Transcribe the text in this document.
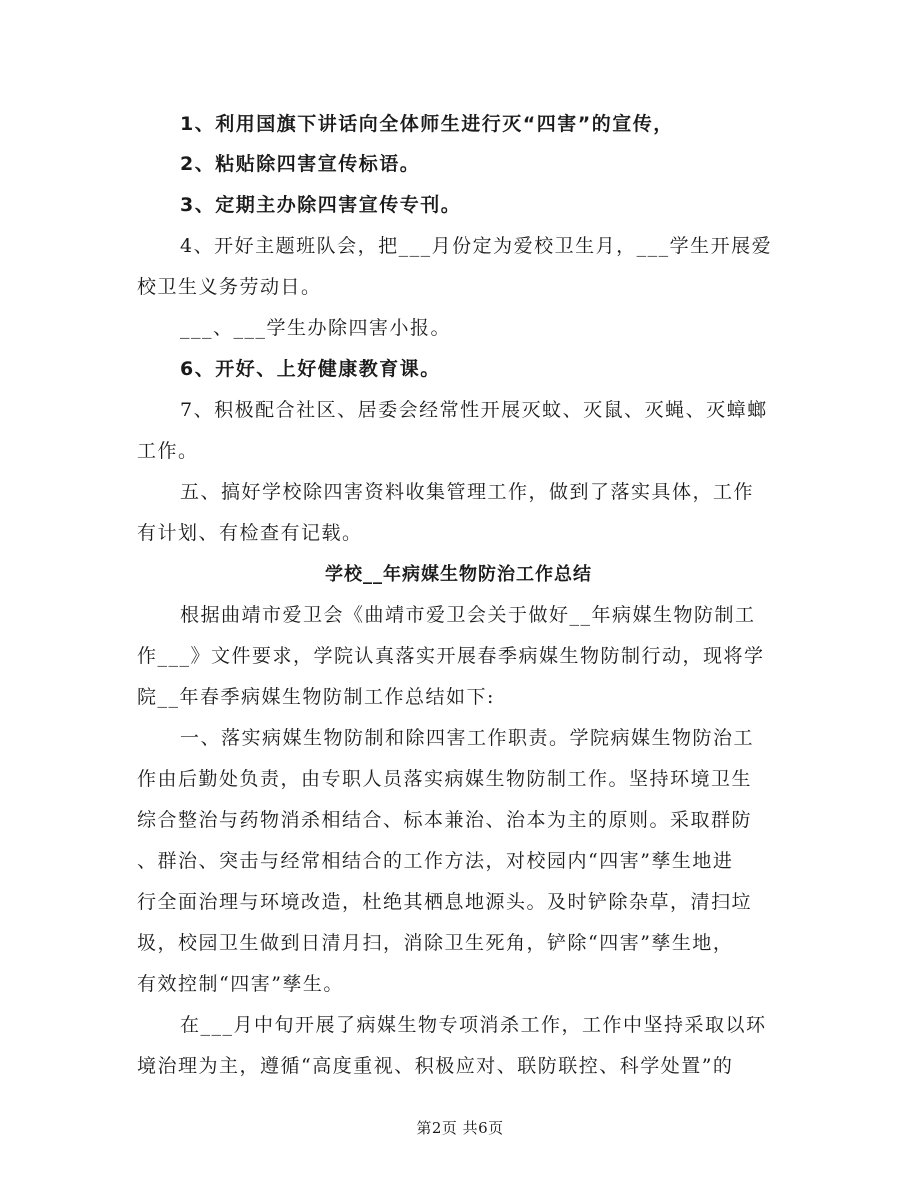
1、利用国旗下讲话向全体师生进行灭“四害”的宣传，
2、粘贴除四害宣传标语。
3、定期主办除四害宣传专刊。
4、开好主题班队会，把___月份定为爱校卫生月，___学生开展爱
校卫生义务劳动日。
___、___学生办除四害小报。
6、开好、上好健康教育课。
7、积极配合社区、居委会经常性开展灭蚊、灭鼠、灭蝇、灭蟑螂
工作。
五、搞好学校除四害资料收集管理工作，做到了落实具体，工作
有计划、有检查有记载。
学校__年病媒生物防治工作总结
根据曲靖市爱卫会《曲靖市爱卫会关于做好__年病媒生物防制工
作___》文件要求，学院认真落实开展春季病媒生物防制行动，现将学
院__年春季病媒生物防制工作总结如下:
一、落实病媒生物防制和除四害工作职责。学院病媒生物防治工
作由后勤处负责，由专职人员落实病媒生物防制工作。坚持环境卫生
综合整治与药物消杀相结合、标本兼治、治本为主的原则。采取群防
、群治、突击与经常相结合的工作方法，对校园内“四害”孳生地进
行全面治理与环境改造，杜绝其栖息地源头。及时铲除杂草，清扫垃
圾，校园卫生做到日清月扫，消除卫生死角，铲除“四害”孳生地，
有效控制“四害”孳生。
在___月中旬开展了病媒生物专项消杀工作，工作中坚持采取以环
境治理为主，遵循“高度重视、积极应对、联防联控、科学处置”的
第2页 共6页
